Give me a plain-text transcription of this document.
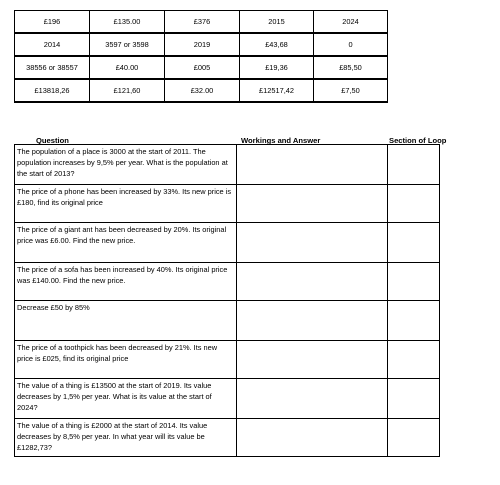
£196	£135.00	£376	2015	2024
2014	3597 or 3598	2019	£43,68	0
38556 or 38557	£40.00	£005	£19,36	£85,50
£13818,26	£121,60	£32.00	£12517,42	£7,50
Question	Workings and Answer	Section of Loop
The population of a place is 3000 at the start of 2011. The population increases by 9,5% per year. What is the population at the start of 2013?		
The price of a phone has been increased by 33%. Its new price is £180, find its original price		
The price of a giant ant has been decreased by 20%. Its original price was £6.00. Find the new price.		
The price of a sofa has been increased by 40%. Its original price was £140.00. Find the new price.		
Decrease £50 by 85%		
The price of a toothpick has been decreased by 21%. Its new price is £025, find its original price		
The value of a thing is £13500 at the start of 2019. Its value decreases by 1,5% per year. What is its value at the start of 2024?		
The value of a thing is £2000 at the start of 2014. Its value decreases by 8,5% per year. In what year will its value be £1282,73?		
